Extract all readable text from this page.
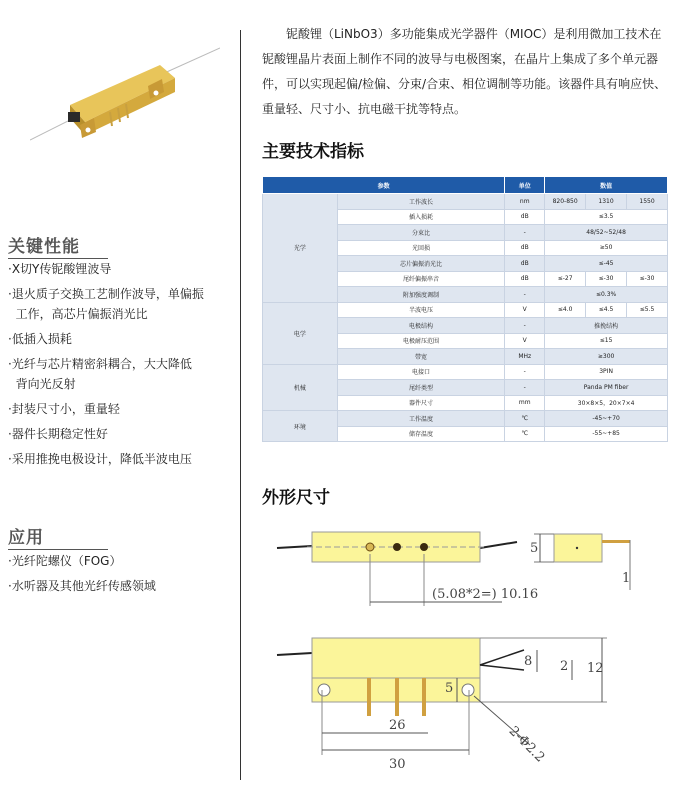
关键性能
·X切Y传铌酸锂波导
·退火质子交换工艺制作波导，单偏振
工作，高芯片偏振消光比
·低插入损耗
·光纤与芯片精密斜耦合，大大降低
背向光反射
·封装尺寸小，重量轻
·器件长期稳定性好
·采用推挽电极设计，降低半波电压
应用
·光纤陀螺仪（FOG）
·水听器及其他光纤传感领域

铌酸锂（LiNbO3）多功能集成光学器件（MIOC）是利用微加工技术在铌酸锂晶片表面上制作不同的波导与电极图案，在晶片上集成了多个单元器件，可以实现起偏/检偏、分束/合束、相位调制等功能。该器件具有响应快、重量轻、尺寸小、抗电磁干扰等特点。

主要技术指标
参数		单位	数值		
光学	工作波长	nm	820-850	1310	1550
	插入损耗	dB	≤3.5		
	分束比	-	48/52~52/48		
	光回损	dB	≥50		
	芯片偏振消光比	dB	≤-45		
	尾纤偏振串音	dB	≤-27	≤-30	≤-30
	附加强度调制	-	≤0.3%		
电学	半波电压	V	≤4.0	≤4.5	≤5.5
	电极结构	-	推挽结构		
	电极耐压范围	V	≤15		
	带宽	MHz	≥300		
机械	电接口	-	3PIN		
	尾纤类型	-	Panda PM fiber		
	器件尺寸	mm	30×8×5，20×7×4		
环境	工作温度	℃	-45~+70		
	储存温度	℃	-55~+85		
外形尺寸
(5.08*2=) 10.16
5
1
26
30
8 2 12
5
2-Φ2.2
